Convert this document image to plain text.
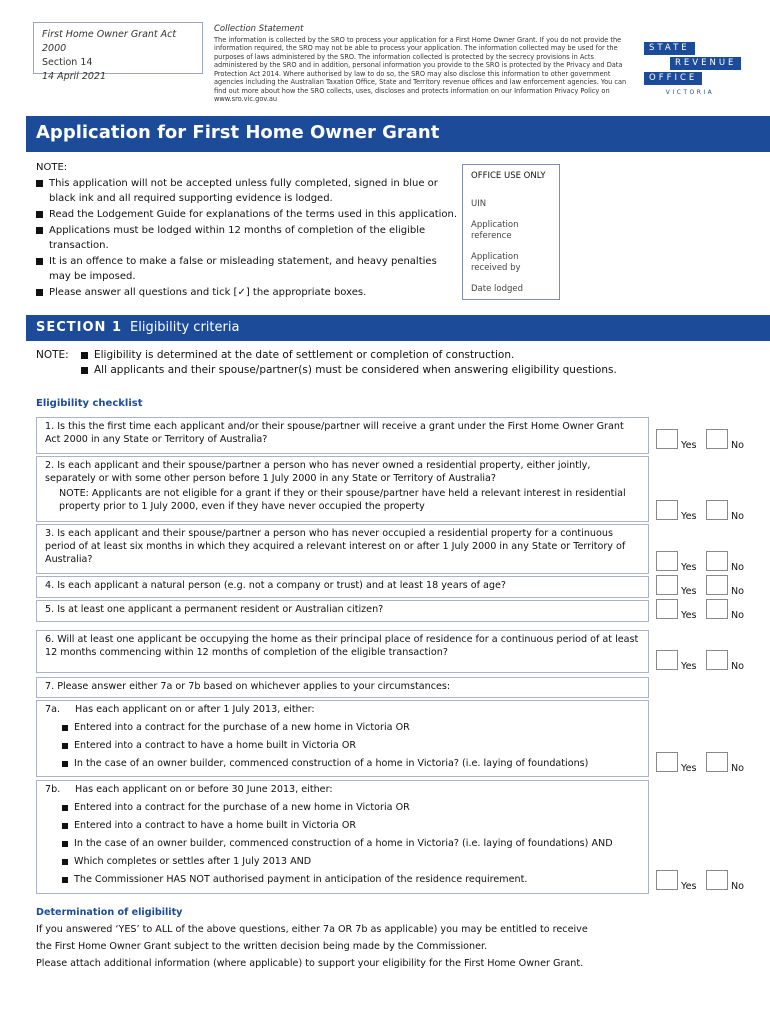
First Home Owner Grant Act 2000
Section 14
14 April 2021
Collection Statement
The information is collected by the SRO to process your application for a First Home Owner Grant. If you do not provide the information required, the SRO may not be able to process your application. The information collected may be used for the purposes of laws administered by the SRO. The information collected is protected by the secrecy provisions in Acts administered by the SRO and in addition, personal information you provide to the SRO is protected by the Privacy and Data Protection Act 2014. Where authorised by law to do so, the SRO may also disclose this information to other government agencies including the Australian Taxation Office, State and Territory revenue offices and law enforcement agencies. You can find out more about how the SRO collects, uses, discloses and protects information on our Information Privacy Policy on www.sro.vic.gov.au
STATE
REVENUE
OFFICE
VICTORIA
Application for First Home Owner Grant
NOTE:
This application will not be accepted unless fully completed, signed in blue or black ink and all required supporting evidence is lodged.
Read the Lodgement Guide for explanations of the terms used in this application.
Applications must be lodged within 12 months of completion of the eligible transaction.
It is an offence to make a false or misleading statement, and heavy penalties may be imposed.
Please answer all questions and tick [✓] the appropriate boxes.
OFFICE USE ONLY
UIN
Application reference
Application received by
Date lodged
SECTION 1 Eligibility criteria
NOTE:	Eligibility is determined at the date of settlement or completion of construction.
All applicants and their spouse/partner(s) must be considered when answering eligibility questions.
Eligibility checklist
1. Is this the first time each applicant and/or their spouse/partner will receive a grant under the First Home Owner Grant Act 2000 in any State or Territory of Australia?
Yes	No
2. Is each applicant and their spouse/partner a person who has never owned a residential property, either jointly, separately or with some other person before 1 July 2000 in any State or Territory of Australia?
NOTE: Applicants are not eligible for a grant if they or their spouse/partner have held a relevant interest in residential property prior to 1 July 2000, even if they have never occupied the property
Yes	No
3. Is each applicant and their spouse/partner a person who has never occupied a residential property for a continuous period of at least six months in which they acquired a relevant interest on or after 1 July 2000 in any State or Territory of Australia?
Yes	No
4. Is each applicant a natural person (e.g. not a company or trust) and at least 18 years of age?
Yes	No
5. Is at least one applicant a permanent resident or Australian citizen?
Yes	No
6. Will at least one applicant be occupying the home as their principal place of residence for a continuous period of at least 12 months commencing within 12 months of completion of the eligible transaction?
Yes	No
7. Please answer either 7a or 7b based on whichever applies to your circumstances:
7a. Has each applicant on or after 1 July 2013, either:
Entered into a contract for the purchase of a new home in Victoria OR
Entered into a contract to have a home built in Victoria OR
In the case of an owner builder, commenced construction of a home in Victoria? (i.e. laying of foundations)	Yes	No
7b. Has each applicant on or before 30 June 2013, either:
Entered into a contract for the purchase of a new home in Victoria OR
Entered into a contract to have a home built in Victoria OR
In the case of an owner builder, commenced construction of a home in Victoria? (i.e. laying of foundations) AND
Which completes or settles after 1 July 2013 AND
The Commissioner HAS NOT authorised payment in anticipation of the residence requirement.
Yes	No
Determination of eligibility
If you answered ‘YES’ to ALL of the above questions, either 7a OR 7b as applicable) you may be entitled to receive
the First Home Owner Grant subject to the written decision being made by the Commissioner.
Please attach additional information (where applicable) to support your eligibility for the First Home Owner Grant.
